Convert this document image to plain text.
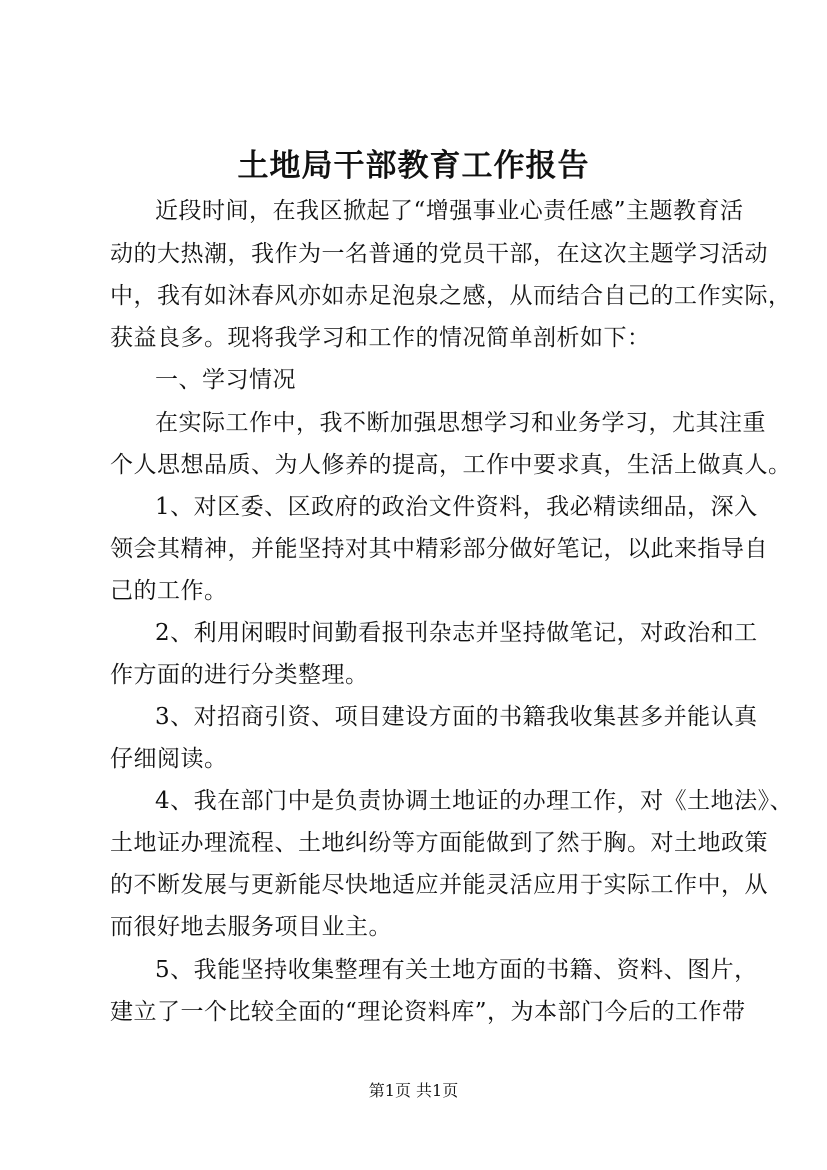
土地局干部教育工作报告
近段时间，在我区掀起了“增强事业心责任感”主题教育活
动的大热潮，我作为一名普通的党员干部，在这次主题学习活动
中，我有如沐春风亦如赤足泡泉之感，从而结合自己的工作实际，
获益良多。现将我学习和工作的情况简单剖析如下：
一、学习情况
在实际工作中，我不断加强思想学习和业务学习，尤其注重
个人思想品质、为人修养的提高，工作中要求真，生活上做真人。
1、对区委、区政府的政治文件资料，我必精读细品，深入
领会其精神，并能坚持对其中精彩部分做好笔记，以此来指导自
己的工作。
2、利用闲暇时间勤看报刊杂志并坚持做笔记，对政治和工
作方面的进行分类整理。
3、对招商引资、项目建设方面的书籍我收集甚多并能认真
仔细阅读。
4、我在部门中是负责协调土地证的办理工作，对《土地法》、
土地证办理流程、土地纠纷等方面能做到了然于胸。对土地政策
的不断发展与更新能尽快地适应并能灵活应用于实际工作中，从
而很好地去服务项目业主。
5、我能坚持收集整理有关土地方面的书籍、资料、图片，
建立了一个比较全面的“理论资料库”，为本部门今后的工作带
第1页 共1页
